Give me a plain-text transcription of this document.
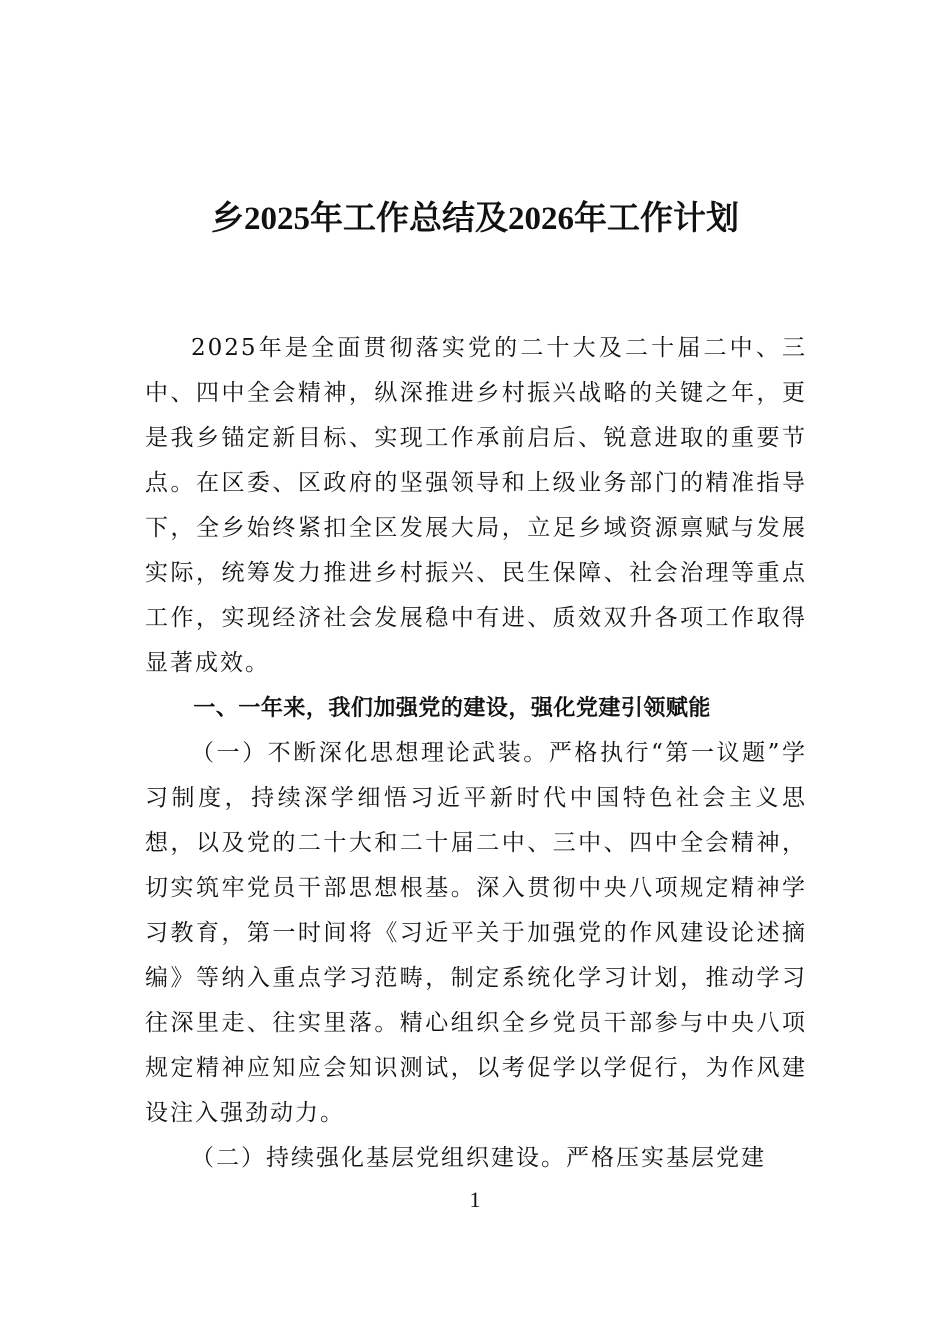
乡2025年工作总结及2026年工作计划

2025年是全面贯彻落实党的二十大及二十届二中、三中、四中全会精神，纵深推进乡村振兴战略的关键之年，更是我乡锚定新目标、实现工作承前启后、锐意进取的重要节点。在区委、区政府的坚强领导和上级业务部门的精准指导下，全乡始终紧扣全区发展大局，立足乡域资源禀赋与发展实际，统筹发力推进乡村振兴、民生保障、社会治理等重点工作，实现经济社会发展稳中有进、质效双升各项工作取得显著成效。

一、一年来，我们加强党的建设，强化党建引领赋能

（一）不断深化思想理论武装。严格执行“第一议题”学习制度，持续深学细悟习近平新时代中国特色社会主义思想，以及党的二十大和二十届二中、三中、四中全会精神，切实筑牢党员干部思想根基。深入贯彻中央八项规定精神学习教育，第一时间将《习近平关于加强党的作风建设论述摘编》等纳入重点学习范畴，制定系统化学习计划，推动学习往深里走、往实里落。精心组织全乡党员干部参与中央八项规定精神应知应会知识测试，以考促学以学促行，为作风建设注入强劲动力。

（二）持续强化基层党组织建设。严格压实基层党建

1
